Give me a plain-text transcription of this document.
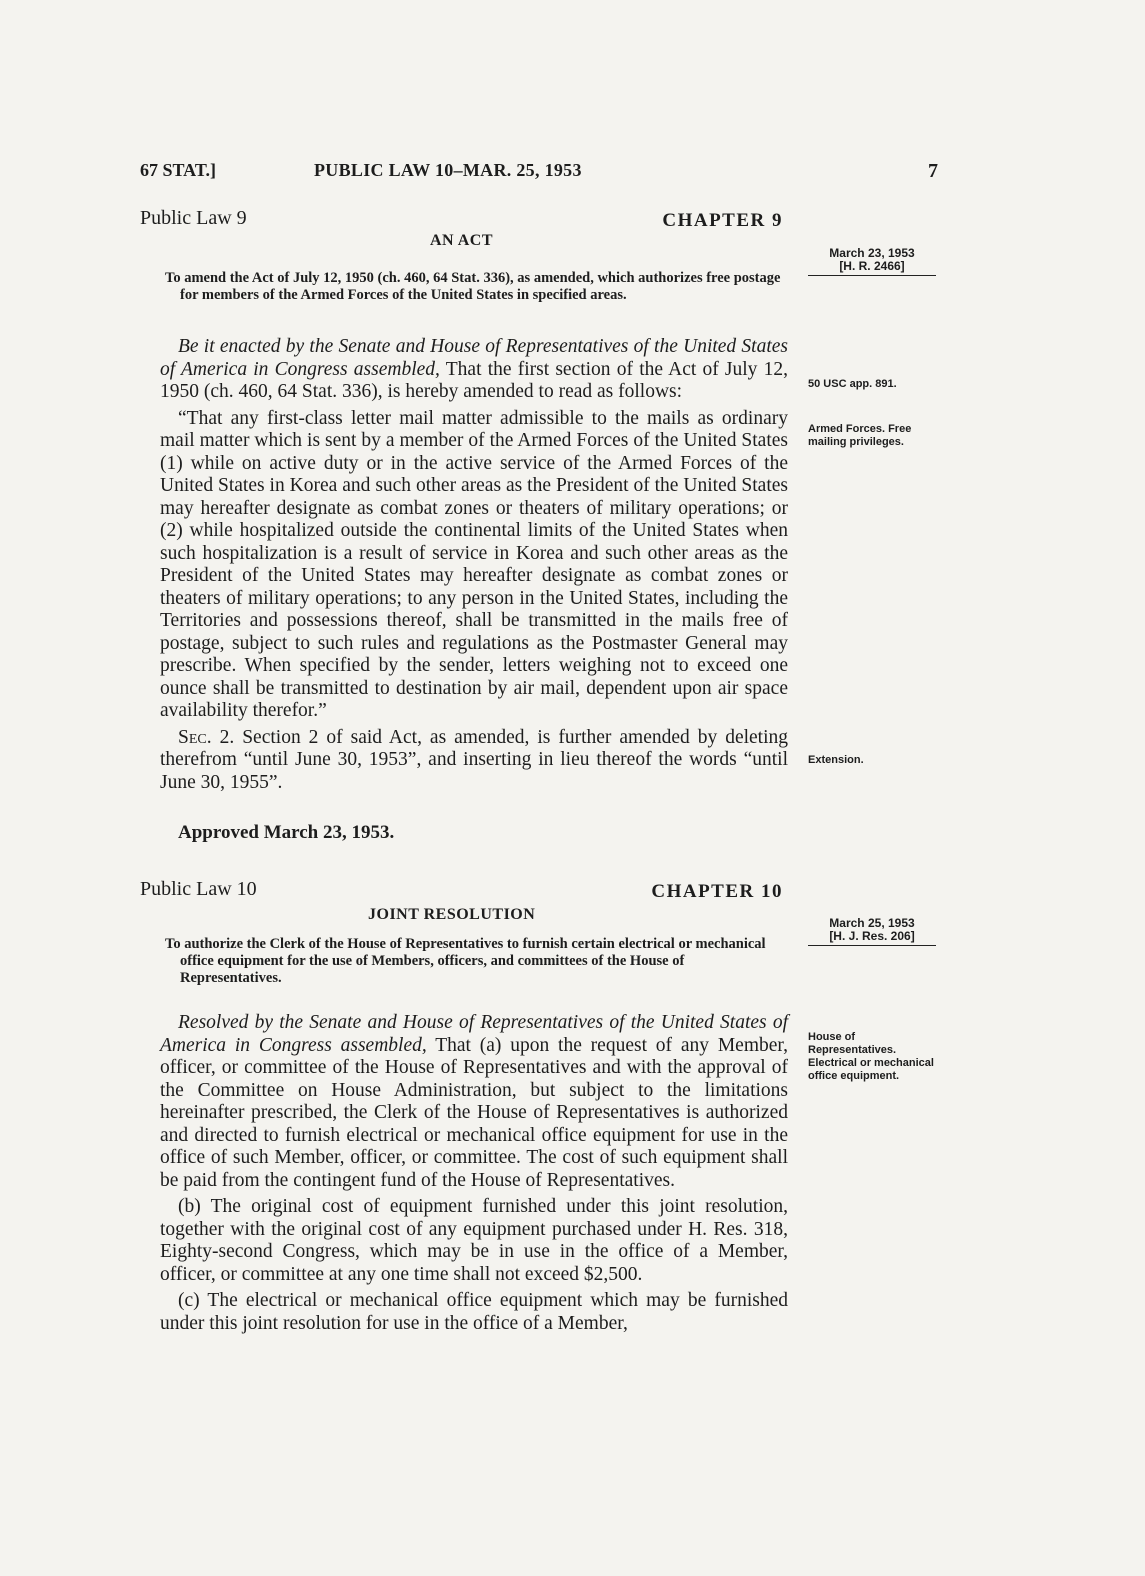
67 STAT.]	PUBLIC LAW 10–MAR. 25, 1953	7
Public Law 9	CHAPTER 9
AN ACT
To amend the Act of July 12, 1950 (ch. 460, 64 Stat. 336), as amended, which authorizes free postage for members of the Armed Forces of the United States in specified areas.
March 23, 1953
[H. R. 2466]

Be it enacted by the Senate and House of Representatives of the United States of America in Congress assembled, That the first section of the Act of July 12, 1950 (ch. 460, 64 Stat. 336), is hereby amended to read as follows:

“That any first-class letter mail matter admissible to the mails as ordinary mail matter which is sent by a member of the Armed Forces of the United States (1) while on active duty or in the active service of the Armed Forces of the United States in Korea and such other areas as the President of the United States may hereafter designate as combat zones or theaters of military operations; or (2) while hospitalized outside the continental limits of the United States when such hospitalization is a result of service in Korea and such other areas as the President of the United States may hereafter designate as combat zones or theaters of military operations; to any person in the United States, including the Territories and possessions thereof, shall be transmitted in the mails free of postage, subject to such rules and regulations as the Postmaster General may prescribe. When specified by the sender, letters weighing not to exceed one ounce shall be transmitted to destination by air mail, dependent upon air space availability therefor.”

Sec. 2. Section 2 of said Act, as amended, is further amended by deleting therefrom “until June 30, 1953”, and inserting in lieu thereof the words “until June 30, 1955”.

Approved March 23, 1953.
50 USC app. 891.
Armed Forces. Free mailing privileges.
Extension.
Public Law 10	CHAPTER 10
JOINT RESOLUTION
To authorize the Clerk of the House of Representatives to furnish certain electrical or mechanical office equipment for the use of Members, officers, and committees of the House of Representatives.
March 25, 1953
[H. J. Res. 206]

Resolved by the Senate and House of Representatives of the United States of America in Congress assembled, That (a) upon the request of any Member, officer, or committee of the House of Representatives and with the approval of the Committee on House Administration, but subject to the limitations hereinafter prescribed, the Clerk of the House of Representatives is authorized and directed to furnish electrical or mechanical office equipment for use in the office of such Member, officer, or committee. The cost of such equipment shall be paid from the contingent fund of the House of Representatives.

(b) The original cost of equipment furnished under this joint resolution, together with the original cost of any equipment purchased under H. Res. 318, Eighty-second Congress, which may be in use in the office of a Member, officer, or committee at any one time shall not exceed $2,500.

(c) The electrical or mechanical office equipment which may be furnished under this joint resolution for use in the office of a Member,

House of Representatives. Electrical or mechanical office equipment.
